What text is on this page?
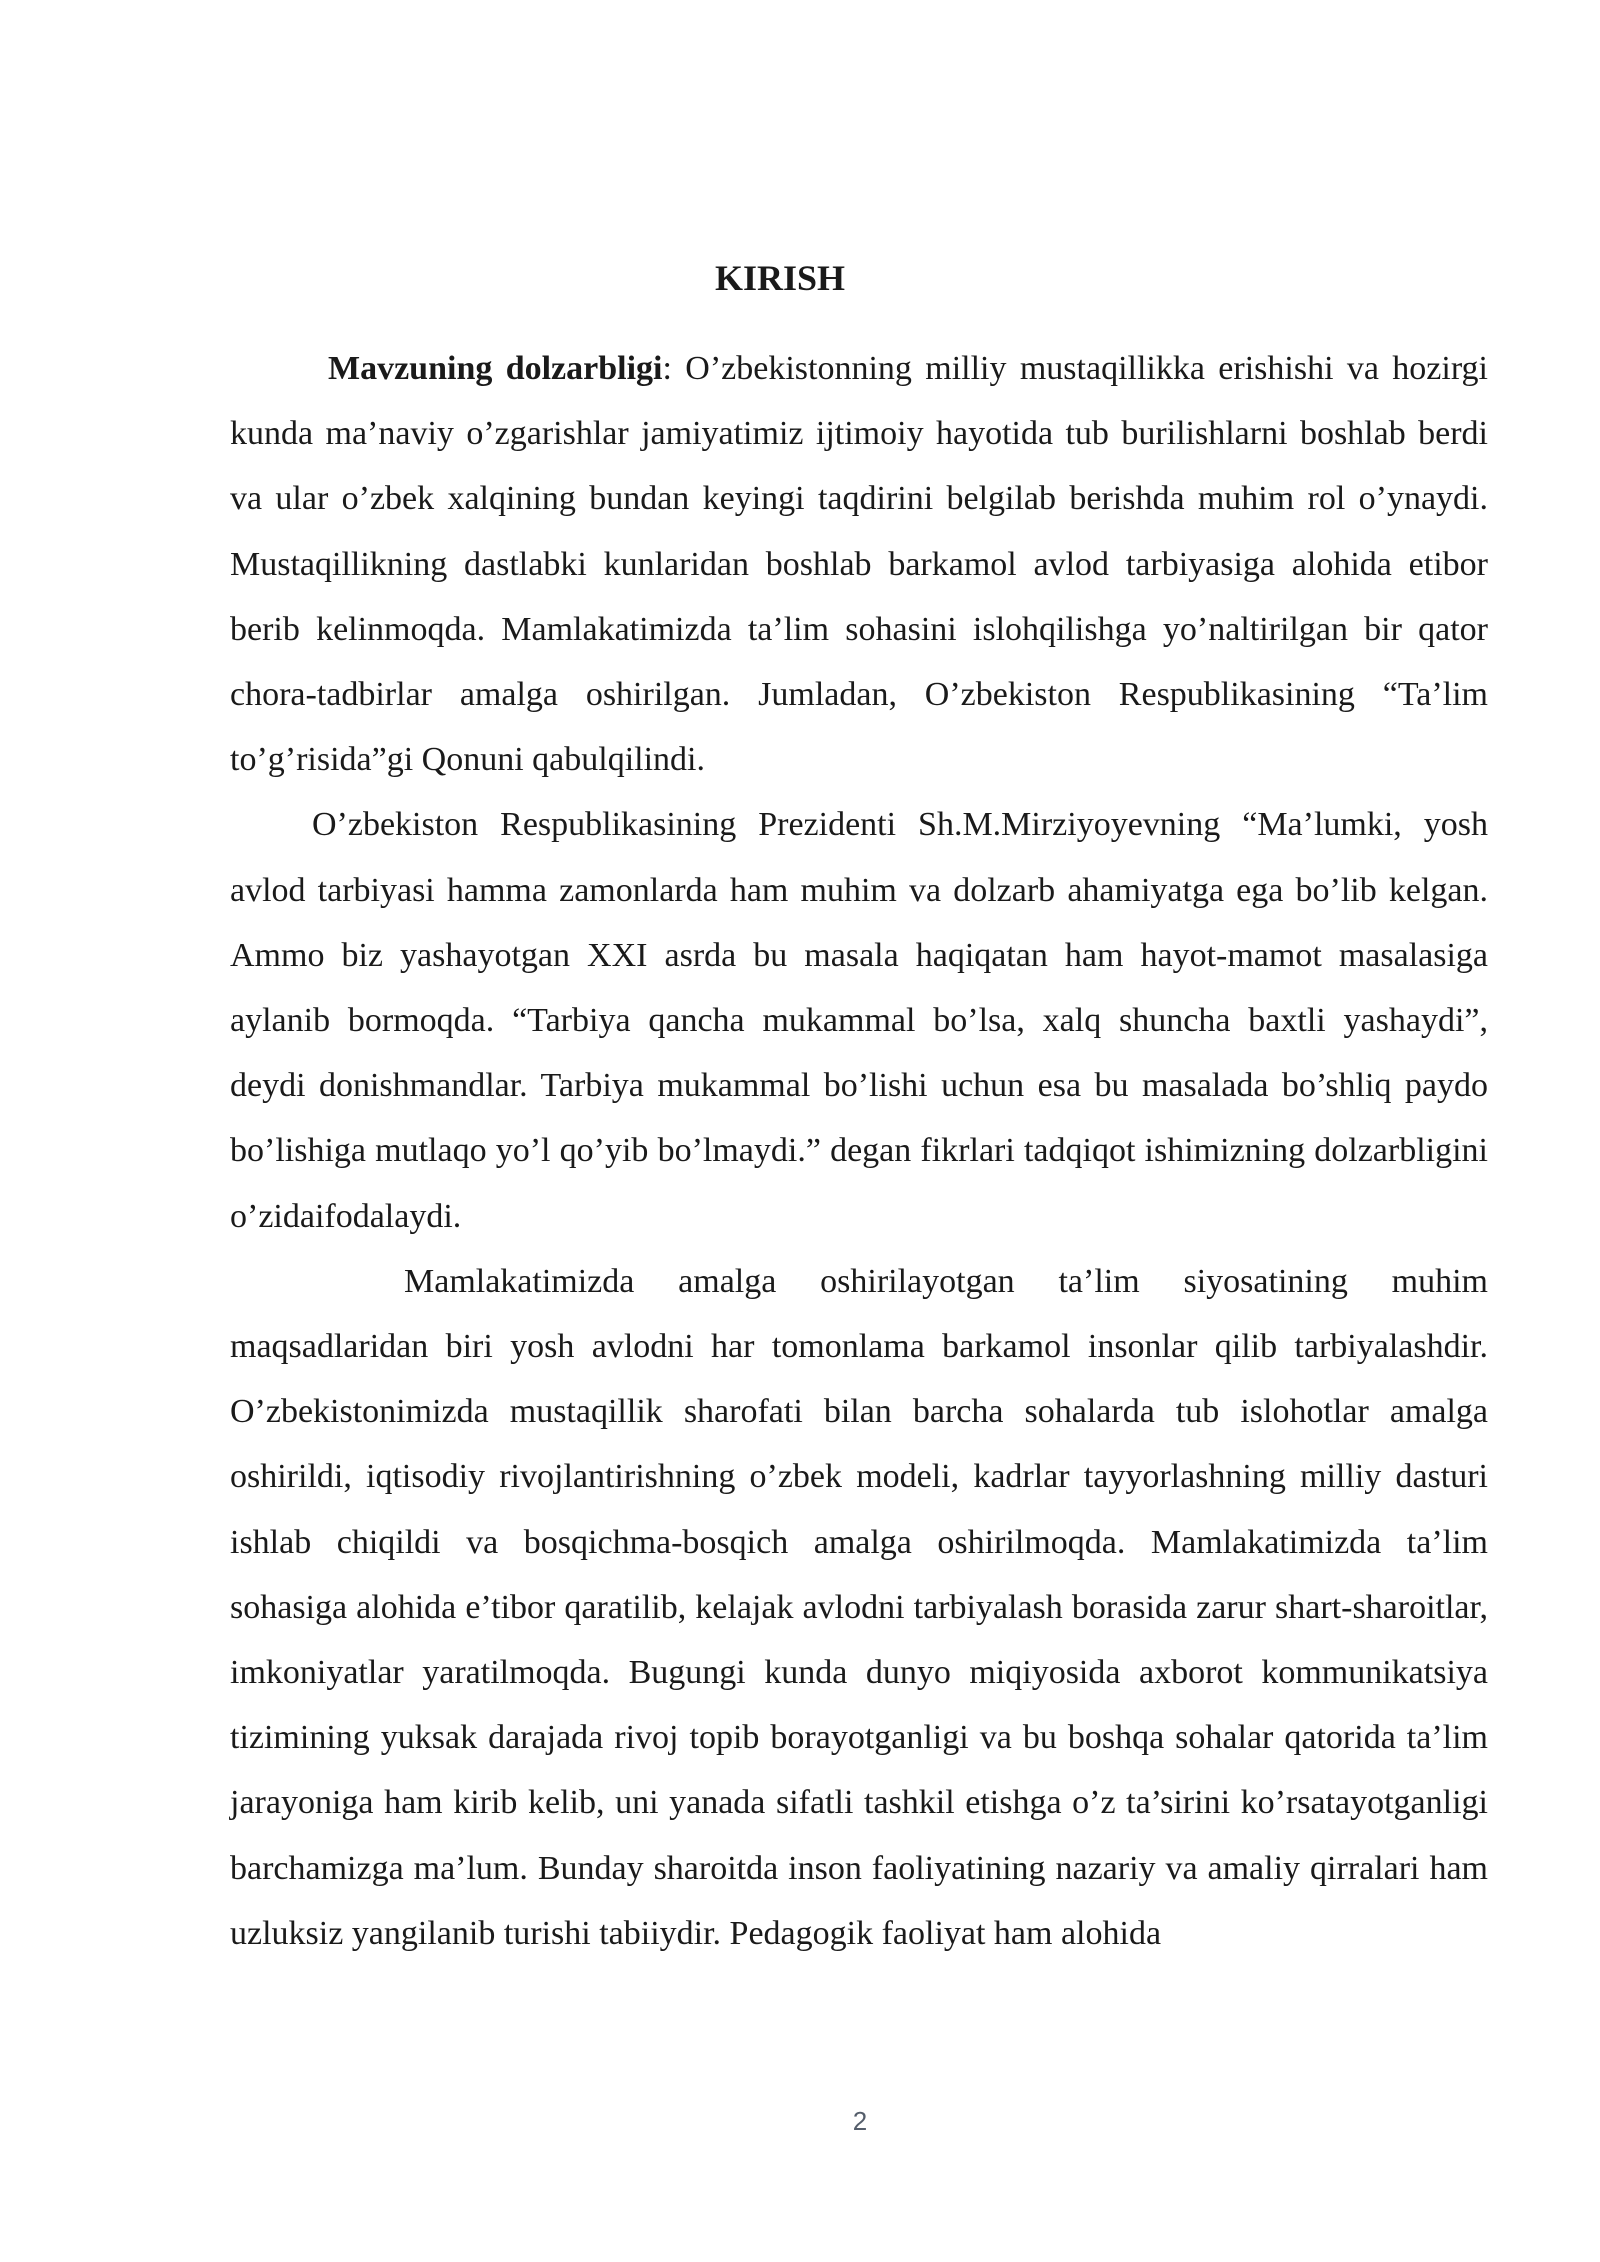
KIRISH

Mavzuning dolzarbligi: O’zbekistonning milliy mustaqillikka erishishi va hozirgi kunda ma’naviy o’zgarishlar jamiyatimiz ijtimoiy hayotida tub burilishlarni boshlab berdi va ular o’zbek xalqining bundan keyingi taqdirini belgilab berishda muhim rol o’ynaydi. Mustaqillikning dastlabki kunlaridan boshlab barkamol avlod tarbiyasiga alohida etibor berib kelinmoqda. Mamlakatimizda ta’lim sohasini islohqilishga yo’naltirilgan bir qator chora-tadbirlar amalga oshirilgan. Jumladan, O’zbekiston Respublikasining “Ta’lim to’g’risida”gi Qonuni qabulqilindi.

O’zbekiston Respublikasining Prezidenti Sh.M.Mirziyoyevning “Ma’lumki, yosh avlod tarbiyasi hamma zamonlarda ham muhim va dolzarb ahamiyatga ega bo’lib kelgan. Ammo biz yashayotgan XXI asrda bu masala haqiqatan ham hayot-mamot masalasiga aylanib bormoqda. “Tarbiya qancha mukammal bo’lsa, xalq shuncha baxtli yashaydi”, deydi donishmandlar. Tarbiya mukammal bo’lishi uchun esa bu masalada bo’shliq paydo bo’lishiga mutlaqo yo’l qo’yib bo’lmaydi.” degan fikrlari tadqiqot ishimizning dolzarbligini o’zidaifodalaydi.

Mamlakatimizda amalga oshirilayotgan ta’lim siyosatining muhim maqsadlaridan biri yosh avlodni har tomonlama barkamol insonlar qilib tarbiyalashdir. O’zbekistonimizda mustaqillik sharofati bilan barcha sohalarda tub islohotlar amalga oshirildi, iqtisodiy rivojlantirishning o’zbek modeli, kadrlar tayyorlashning milliy dasturi ishlab chiqildi va bosqichma-bosqich amalga oshirilmoqda. Mamlakatimizda ta’lim sohasiga alohida e’tibor qaratilib, kelajak avlodni tarbiyalash borasida zarur shart-sharoitlar, imkoniyatlar yaratilmoqda. Bugungi kunda dunyo miqiyosida axborot kommunikatsiya tizimining yuksak darajada rivoj topib borayotganligi va bu boshqa sohalar qatorida ta’lim jarayoniga ham kirib kelib, uni yanada sifatli tashkil etishga o’z ta’sirini ko’rsatayotganligi barchamizga ma’lum. Bunday sharoitda inson faoliyatining nazariy va amaliy qirralari ham uzluksiz yangilanib turishi tabiiydir. Pedagogik faoliyat ham alohida

2
